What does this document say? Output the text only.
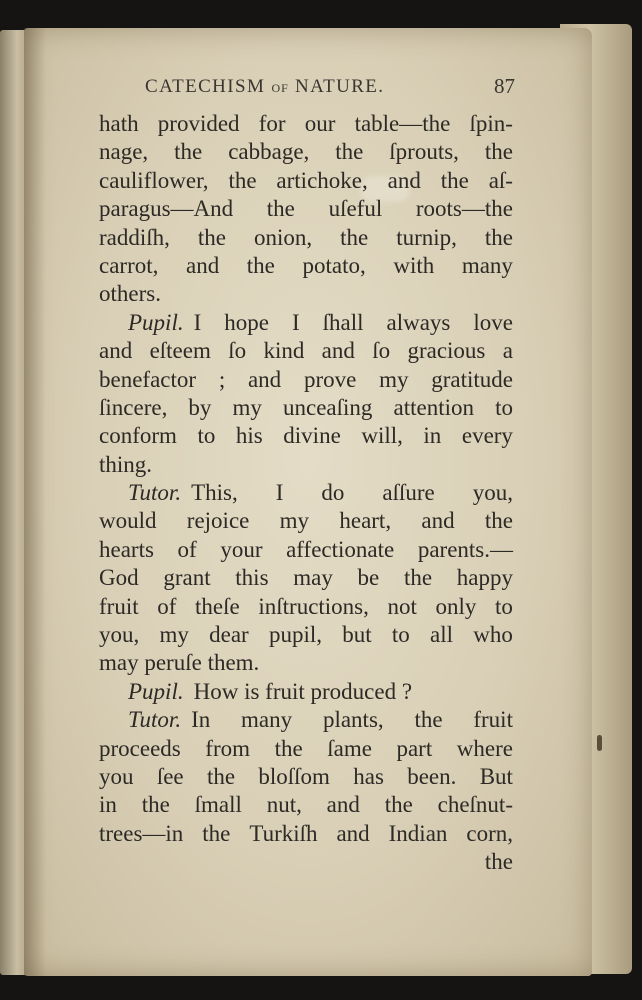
CATECHISM OF NATURE.	87
hath provided for our table—the ſpin-
nage, the cabbage, the ſprouts, the
cauliflower, the artichoke, and the aſ-
paragus—And the uſeful roots—the
raddiſh, the onion, the turnip, the
carrot, and the potato, with many
others.
Pupil. I hope I ſhall always love
and eſteem ſo kind and ſo gracious a
benefactor ; and prove my gratitude
ſincere, by my unceaſing attention to
conform to his divine will, in every
thing.
Tutor. This, I do aſſure you,
would rejoice my heart, and the
hearts of your affectionate parents.—
God grant this may be the happy
fruit of theſe inſtructions, not only to
you, my dear pupil, but to all who
may peruſe them.
Pupil. How is fruit produced ?
Tutor. In many plants, the fruit
proceeds from the ſame part where
you ſee the bloſſom has been. But
in the ſmall nut, and the cheſnut-
trees—in the Turkiſh and Indian corn,
the
